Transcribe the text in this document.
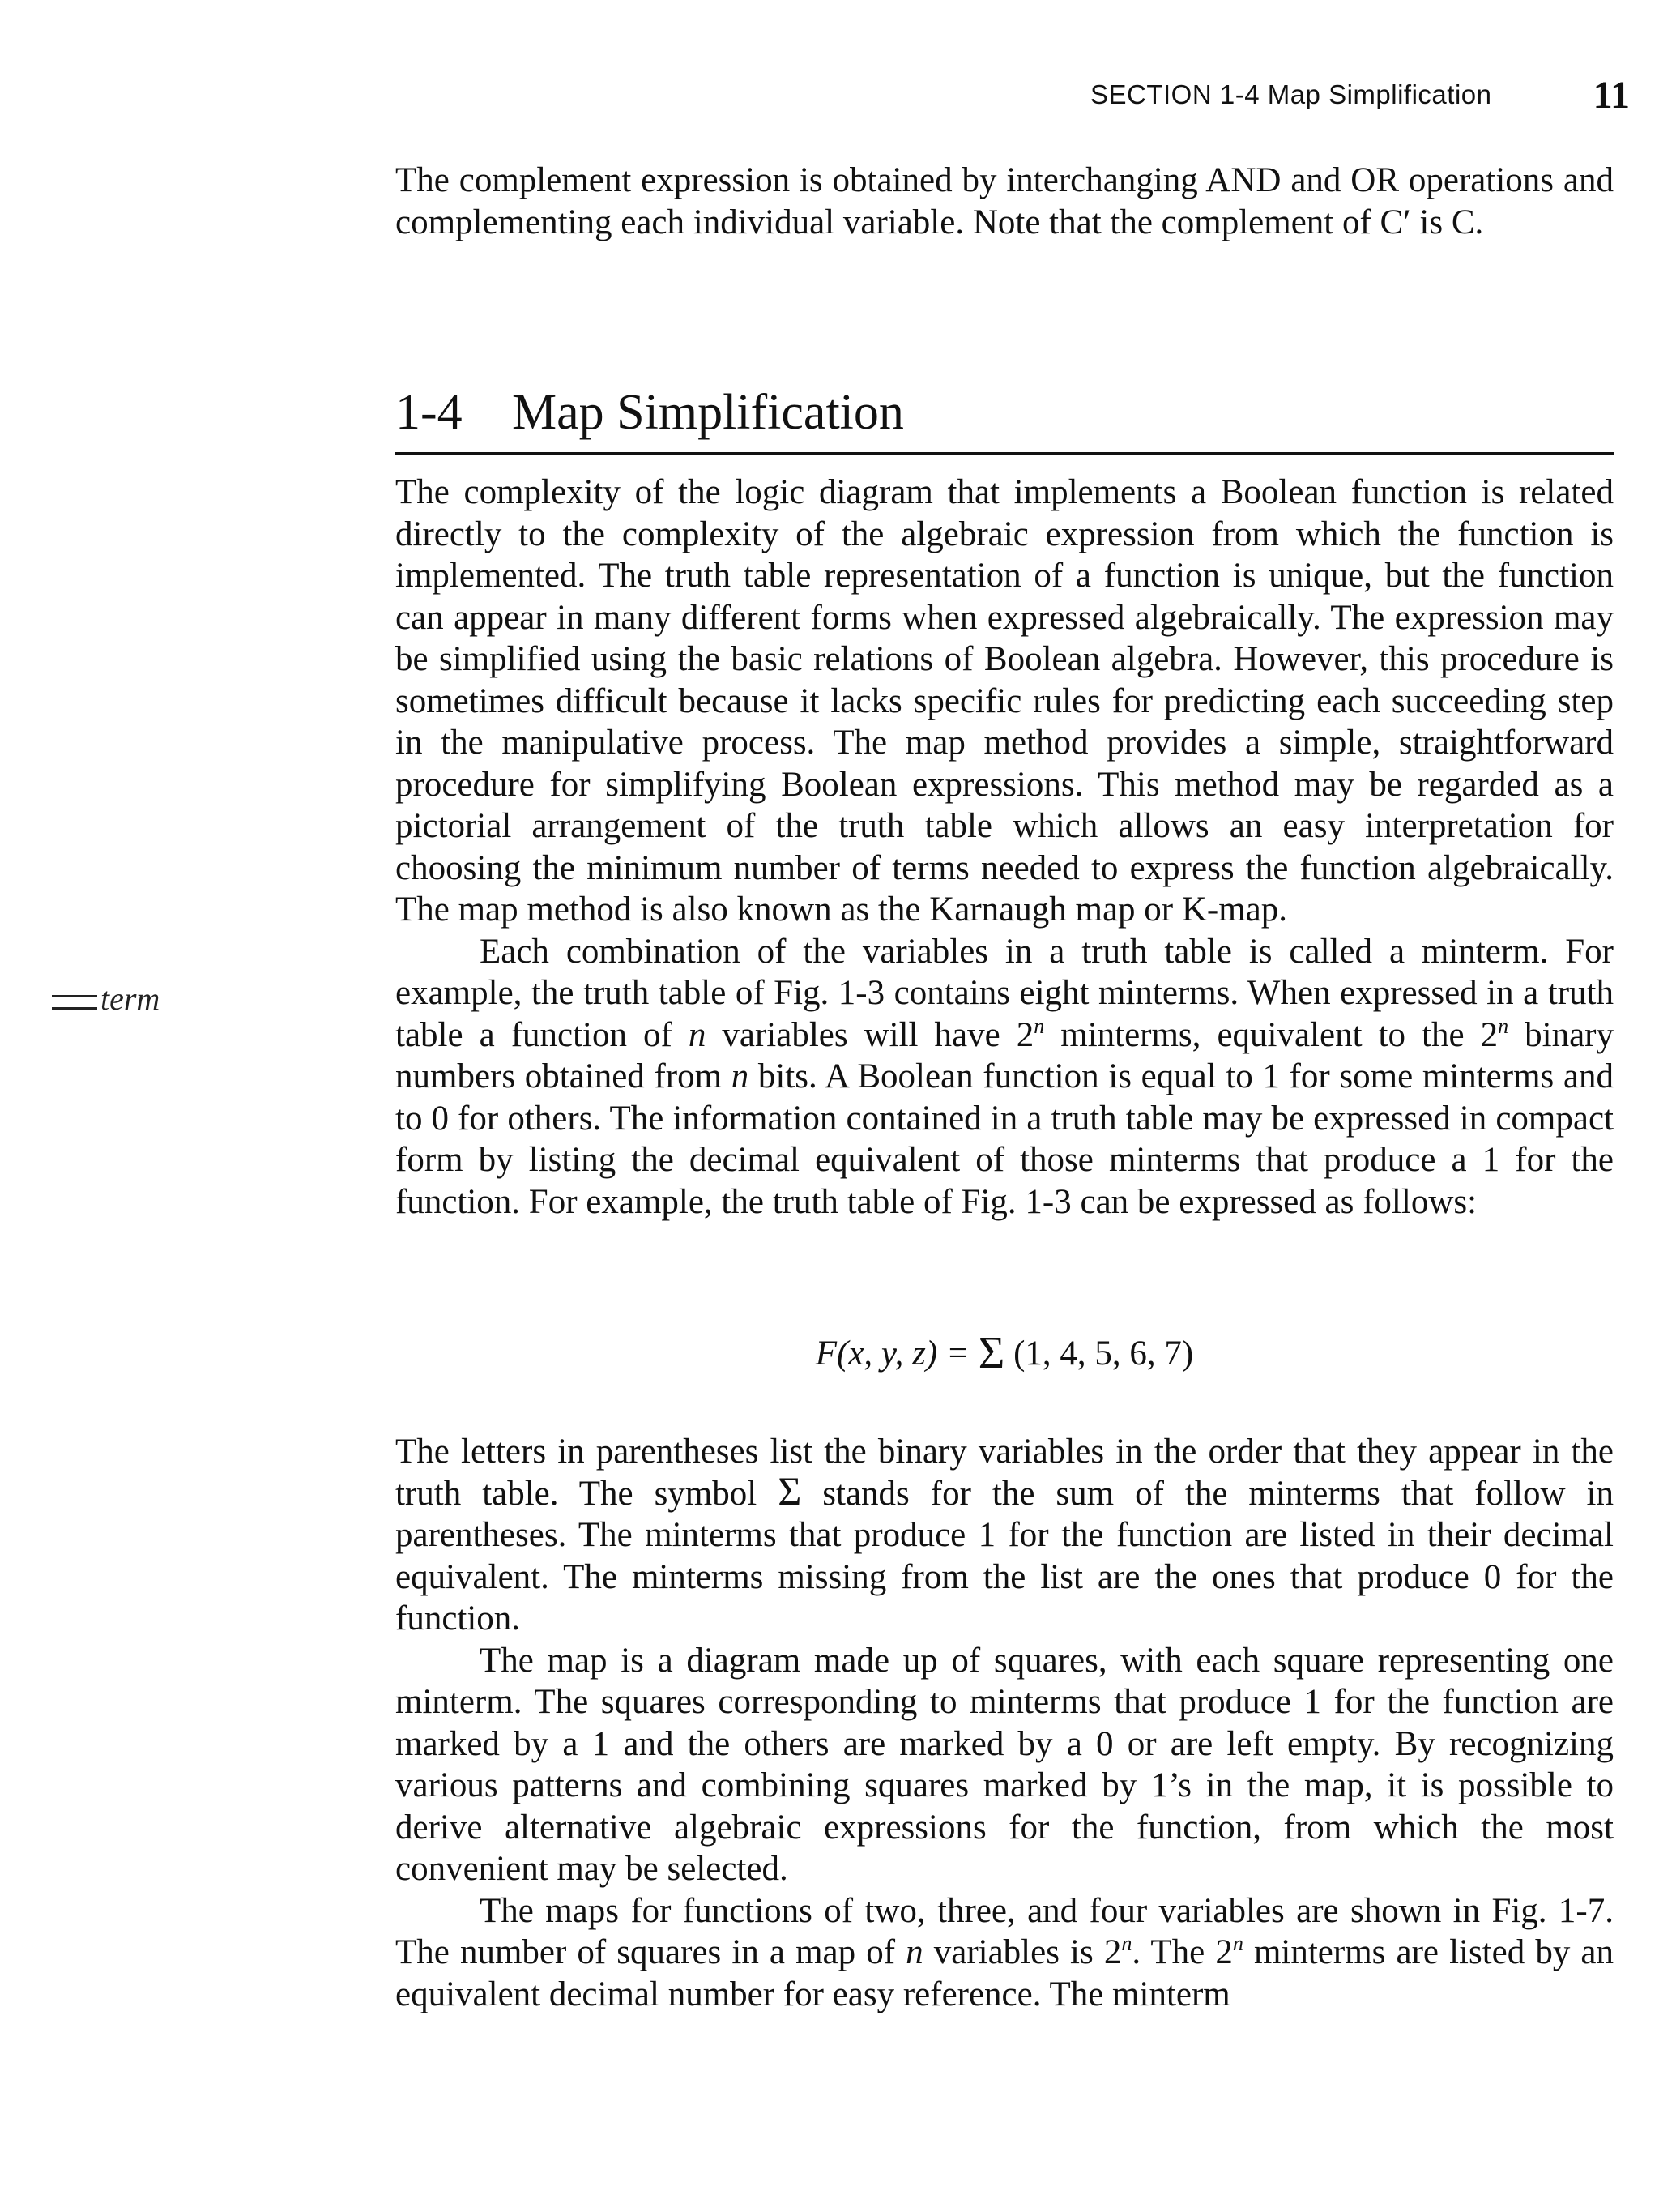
SECTION 1-4 Map Simplification	11

The complement expression is obtained by interchanging AND and OR operations and complementing each individual variable. Note that the complement of C′ is C.

1-4 Map Simplification
term

The complexity of the logic diagram that implements a Boolean function is related directly to the complexity of the algebraic expression from which the function is implemented. The truth table representation of a function is unique, but the function can appear in many different forms when expressed algebraically. The expression may be simplified using the basic relations of Boolean algebra. However, this procedure is sometimes difficult because it lacks specific rules for predicting each succeeding step in the manipulative process. The map method provides a simple, straightforward procedure for simplifying Boolean expressions. This method may be regarded as a pictorial arrangement of the truth table which allows an easy interpretation for choosing the minimum number of terms needed to express the function algebraically. The map method is also known as the Karnaugh map or K-map.

Each combination of the variables in a truth table is called a minterm. For example, the truth table of Fig. 1-3 contains eight minterms. When expressed in a truth table a function of n variables will have 2$^n$ minterms, equivalent to the 2$^n$ binary numbers obtained from n bits. A Boolean function is equal to 1 for some minterms and to 0 for others. The information contained in a truth table may be expressed in compact form by listing the decimal equivalent of those minterms that produce a 1 for the function. For example, the truth table of Fig. 1-3 can be expressed as follows:

F(x, y, z) = Σ (1, 4, 5, 6, 7)

The letters in parentheses list the binary variables in the order that they appear in the truth table. The symbol Σ stands for the sum of the minterms that follow in parentheses. The minterms that produce 1 for the function are listed in their decimal equivalent. The minterms missing from the list are the ones that produce 0 for the function.

The map is a diagram made up of squares, with each square representing one minterm. The squares corresponding to minterms that produce 1 for the function are marked by a 1 and the others are marked by a 0 or are left empty. By recognizing various patterns and combining squares marked by 1’s in the map, it is possible to derive alternative algebraic expressions for the function, from which the most convenient may be selected.

The maps for functions of two, three, and four variables are shown in Fig. 1-7. The number of squares in a map of n variables is 2$^n$. The 2$^n$ minterms are listed by an equivalent decimal number for easy reference. The minterm
